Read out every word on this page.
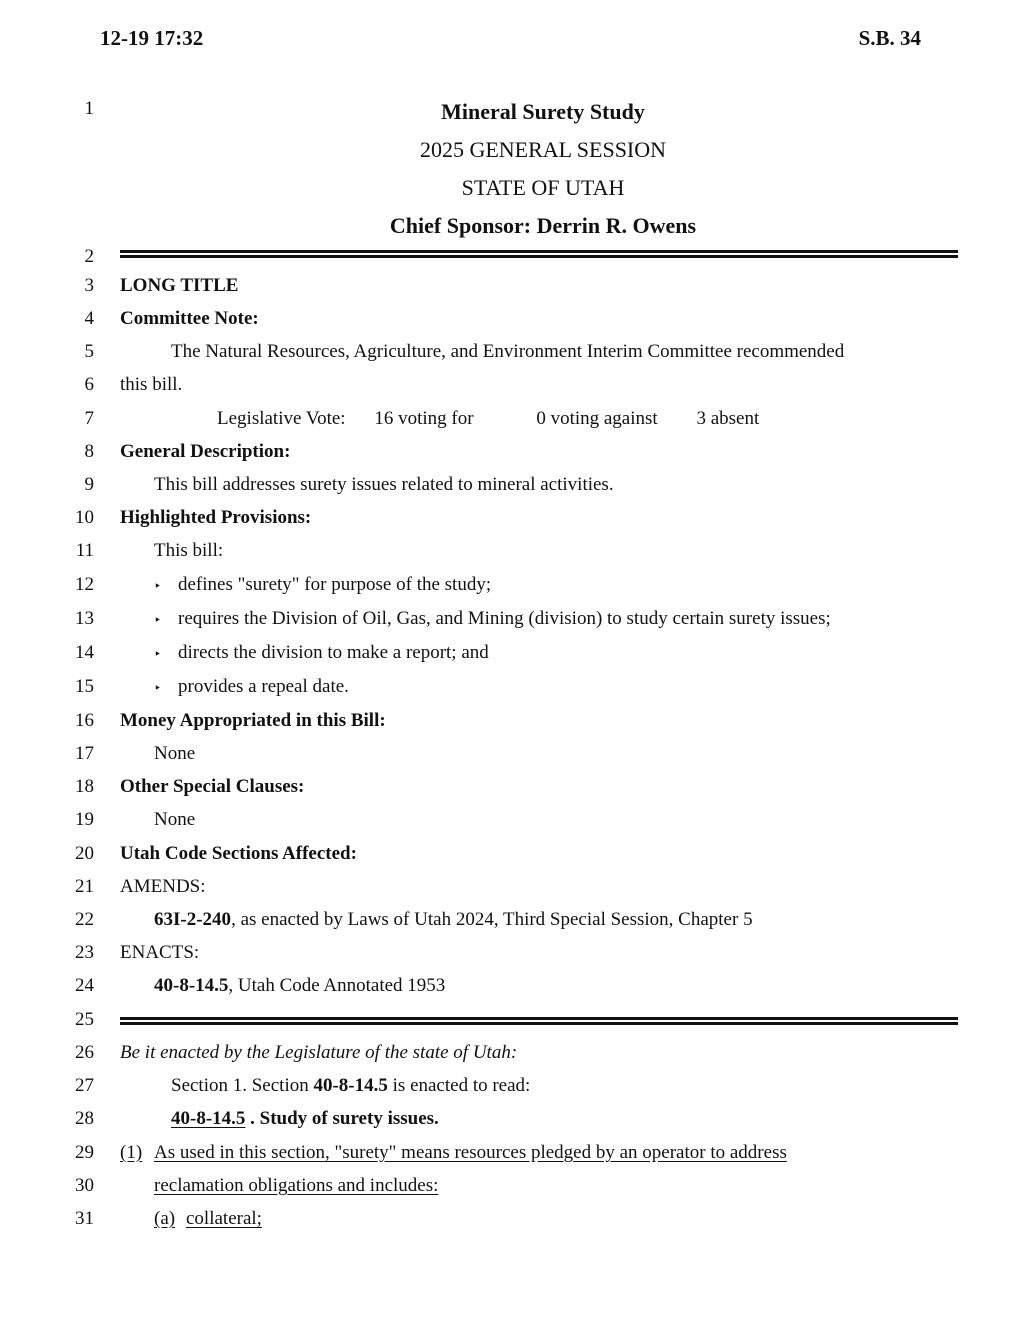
12-19 17:32	S.B. 34
1
2
3
4
5
6
7
8
9
10
11
12
13
14
15
16
17
18
19
20
21
22
23
24
25
26
27
28
29
30
31
Mineral Surety Study
2025 GENERAL SESSION
STATE OF UTAH
Chief Sponsor: Derrin R. Owens
LONG TITLE
Committee Note:
The Natural Resources, Agriculture, and Environment Interim Committee recommended
this bill.
Legislative Vote: 16 voting for	0 voting against 3 absent
General Description:
This bill addresses surety issues related to mineral activities.
Highlighted Provisions:
This bill:
‣ defines "surety" for purpose of the study;
‣ requires the Division of Oil, Gas, and Mining (division) to study certain surety issues;
‣ directs the division to make a report; and
‣ provides a repeal date.
Money Appropriated in this Bill:
None
Other Special Clauses:
None
Utah Code Sections Affected:
AMENDS:
63I-2-240, as enacted by Laws of Utah 2024, Third Special Session, Chapter 5
ENACTS:
40-8-14.5, Utah Code Annotated 1953
Be it enacted by the Legislature of the state of Utah:
Section 1. Section 40-8-14.5 is enacted to read:
40-8-14.5 . Study of surety issues.
(1) As used in this section, "surety" means resources pledged by an operator to address
reclamation obligations and includes:
(a) collateral;
